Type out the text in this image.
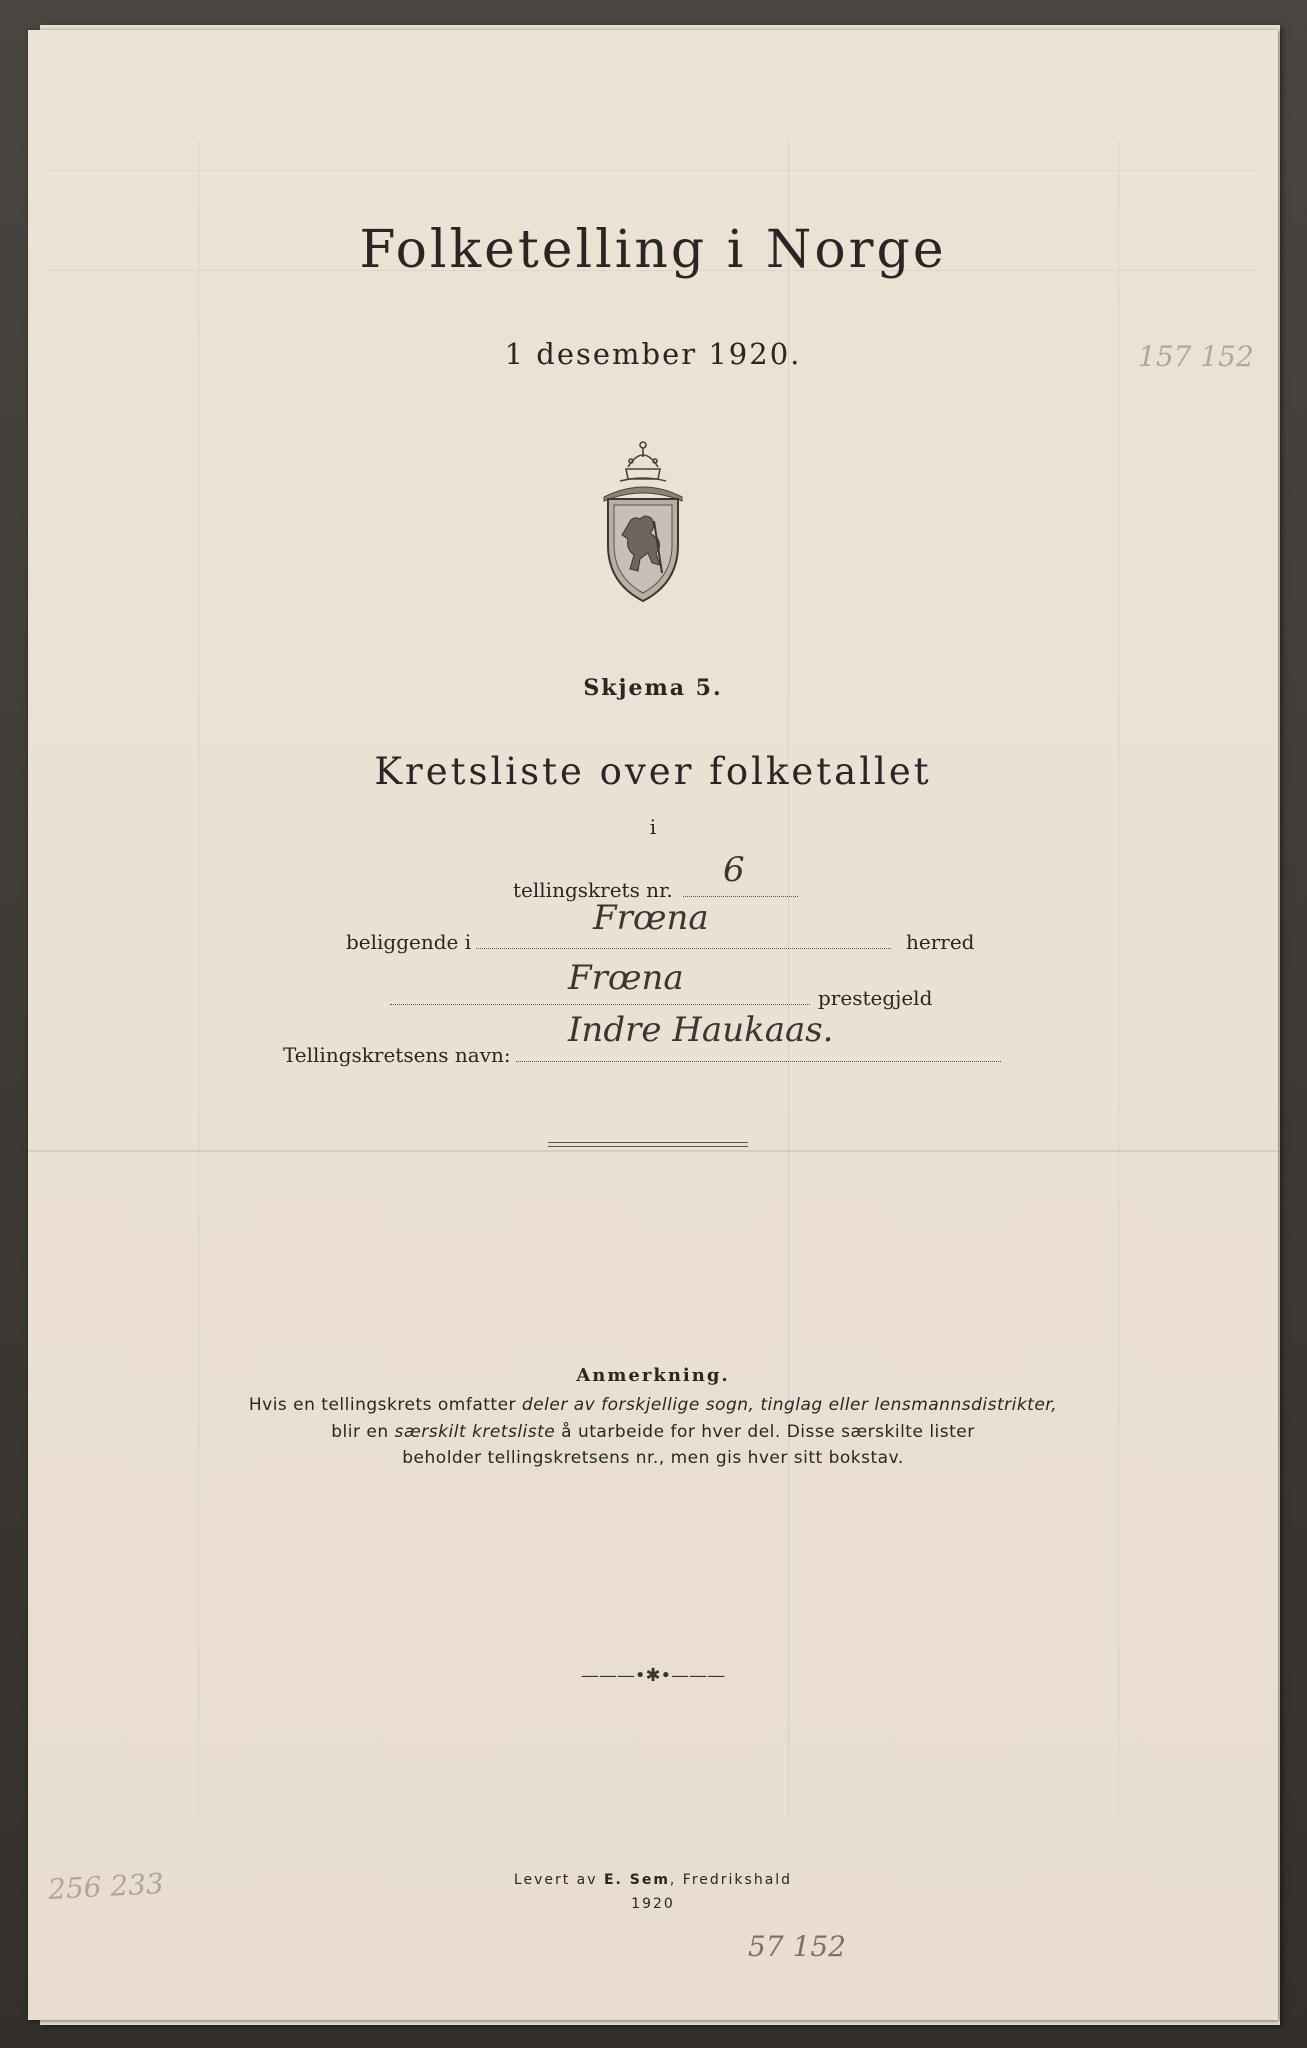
Folketelling i Norge
1 desember 1920.
Skjema 5.
Kretsliste over folketallet
i
tellingskrets nr. 6
beliggende i
Frœna
herred
Frœna	prestegjeld
Tellingskretsens navn:
Indre Haukaas.
Anmerkning.
Hvis en tellingskrets omfatter deler av forskjellige sogn, tinglag eller lensmannsdistrikter,
blir en særskilt kretsliste å utarbeide for hver del. Disse særskilte lister
beholder tellingskretsens nr., men gis hver sitt bokstav.
———•✱•———
Levert av E. Sem, Fredrikshald
1920
157 152
256 233
57 152
